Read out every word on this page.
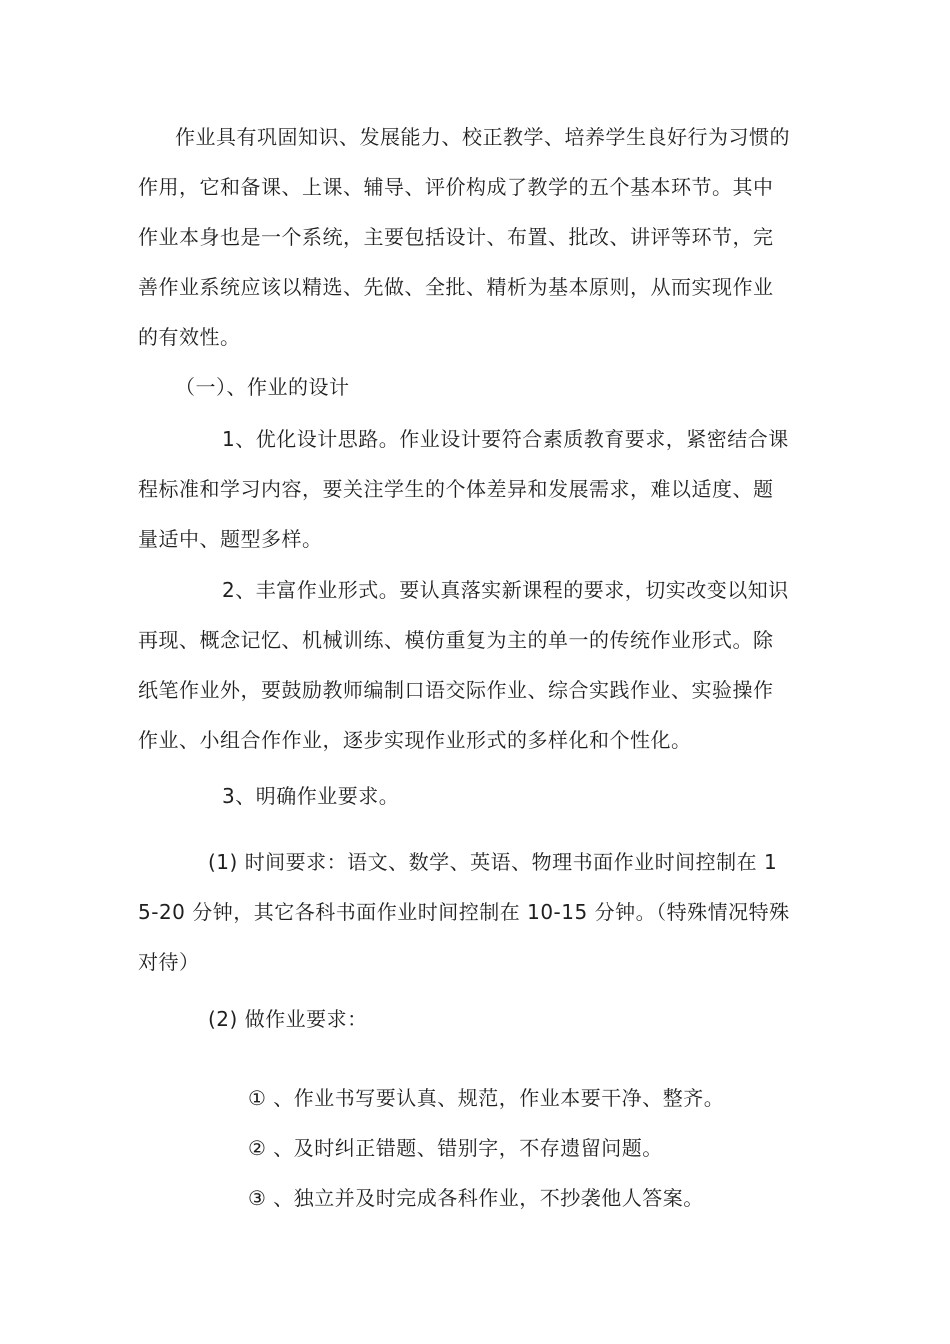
作业具有巩固知识、发展能力、校正教学、培养学生良好行为习惯的
作用，它和备课、上课、辅导、评价构成了教学的五个基本环节。其中
作业本身也是一个系统，主要包括设计、布置、批改、讲评等环节，完
善作业系统应该以精选、先做、全批、精析为基本原则，从而实现作业
的有效性。
（一）、作业的设计
1、优化设计思路。作业设计要符合素质教育要求，紧密结合课
程标准和学习内容，要关注学生的个体差异和发展需求，难以适度、题
量适中、题型多样。
2、丰富作业形式。要认真落实新课程的要求，切实改变以知识
再现、概念记忆、机械训练、模仿重复为主的单一的传统作业形式。除
纸笔作业外，要鼓励教师编制口语交际作业、综合实践作业、实验操作
作业、小组合作作业，逐步实现作业形式的多样化和个性化。
3、明确作业要求。
(1) 时间要求：语文、数学、英语、物理书面作业时间控制在 1
5-20 分钟，其它各科书面作业时间控制在 10-15 分钟。（特殊情况特殊
对待）
(2) 做作业要求：
① 、作业书写要认真、规范，作业本要干净、整齐。
② 、及时纠正错题、错别字，不存遗留问题。
③ 、独立并及时完成各科作业，不抄袭他人答案。
